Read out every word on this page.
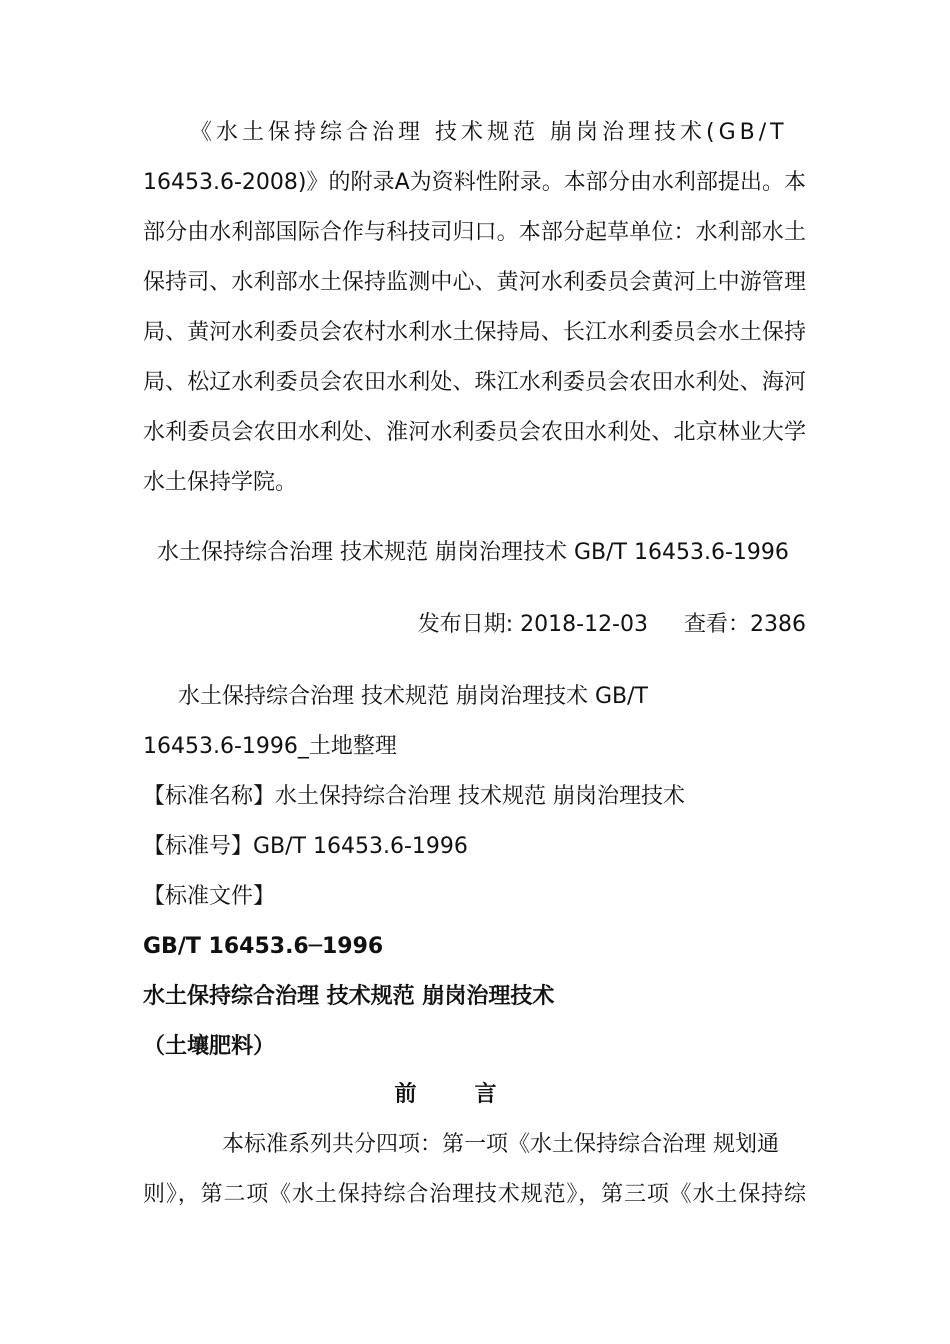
《水土保持综合治理 技术规范 崩岗治理技术(GB/T
16453.6-2008)》的附录A为资料性附录。本部分由水利部提出。本
部分由水利部国际合作与科技司归口。本部分起草单位：水利部水土
保持司、水利部水土保持监测中心、黄河水利委员会黄河上中游管理
局、黄河水利委员会农村水利水土保持局、长江水利委员会水土保持
局、松辽水利委员会农田水利处、珠江水利委员会农田水利处、海河
水利委员会农田水利处、淮河水利委员会农田水利处、北京林业大学
水土保持学院。
水土保持综合治理 技术规范 崩岗治理技术 GB/T 16453.6-1996
发布日期: 2018-12-03 查看：2386
水土保持综合治理 技术规范 崩岗治理技术 GB/T
16453.6-1996_土地整理
【标准名称】水土保持综合治理 技术规范 崩岗治理技术
【标准号】GB/T 16453.6-1996
【标准文件】
GB/T 16453.6─1996
水土保持综合治理 技术规范 崩岗治理技术
（土壤肥料）
前言
本标准系列共分四项：第一项《水土保持综合治理 规划通
则》，第二项《水土保持综合治理技术规范》，第三项《水土保持综
